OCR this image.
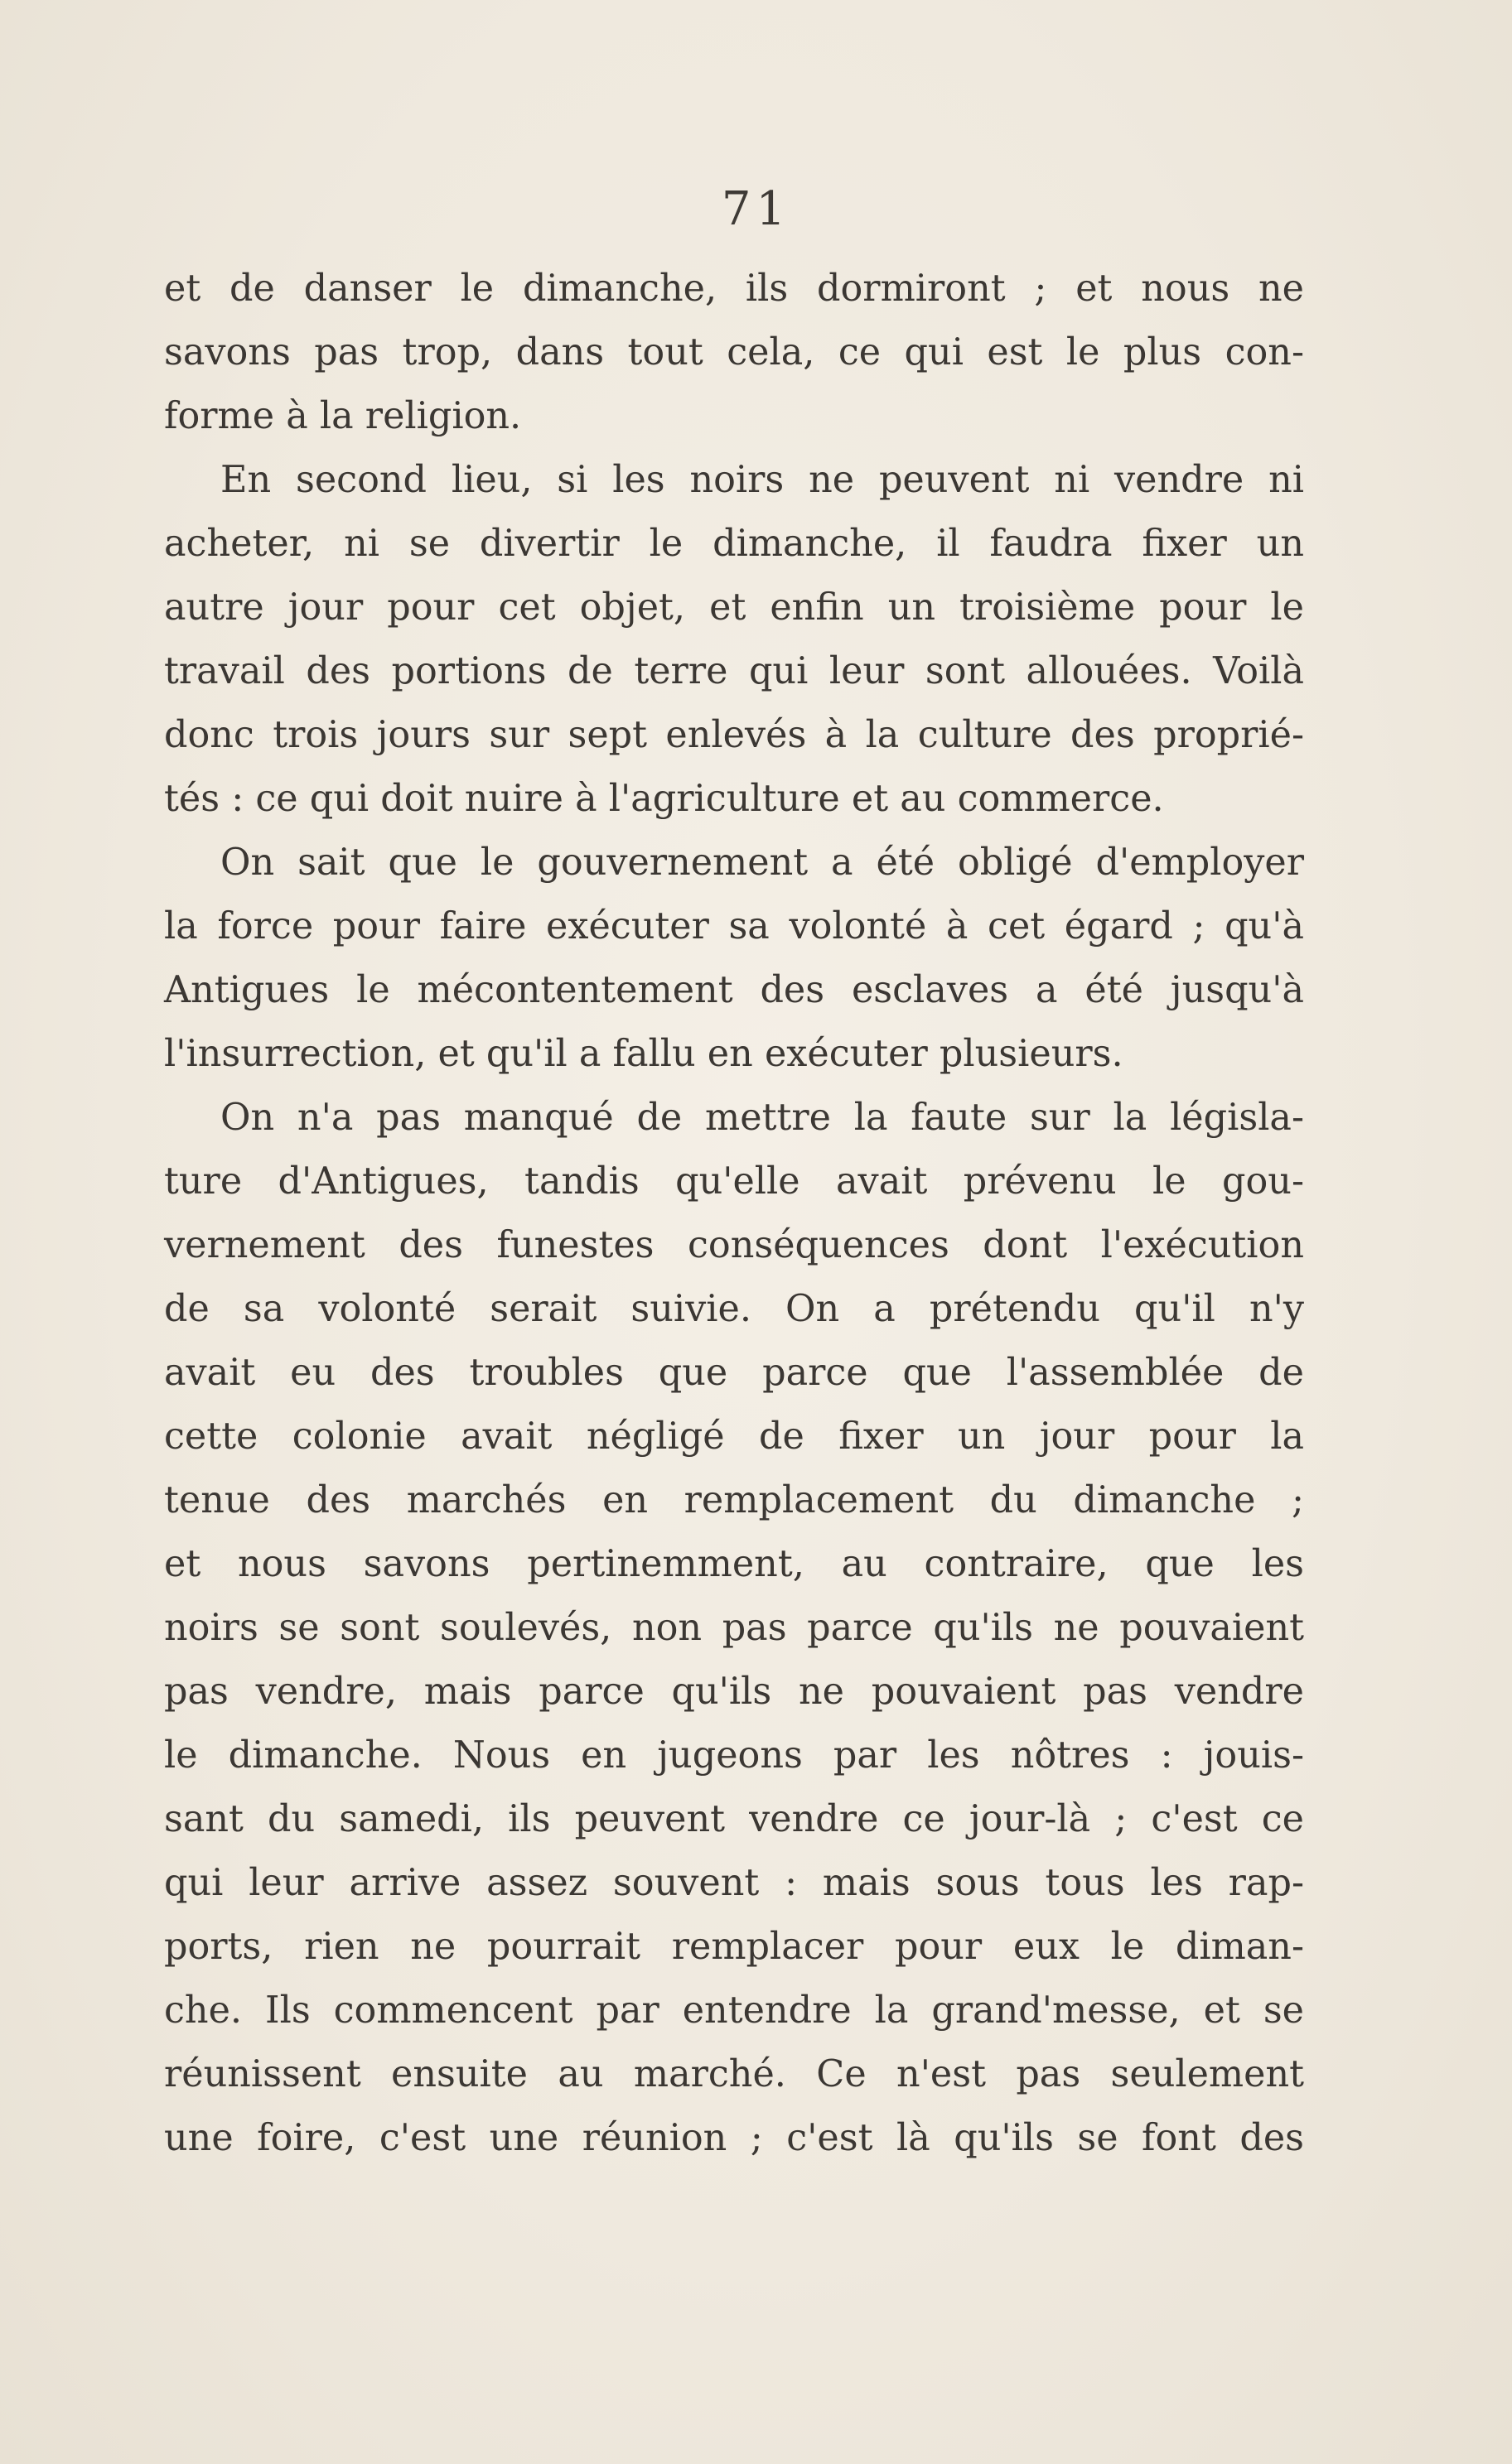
71
et de danser le dimanche, ils dormiront ; et nous ne
savons pas trop, dans tout cela, ce qui est le plus con-
forme à la religion.
En second lieu, si les noirs ne peuvent ni vendre ni
acheter, ni se divertir le dimanche, il faudra fixer un
autre jour pour cet objet, et enfin un troisième pour le
travail des portions de terre qui leur sont allouées. Voilà
donc trois jours sur sept enlevés à la culture des proprié-
tés : ce qui doit nuire à l'agriculture et au commerce.
On sait que le gouvernement a été obligé d'employer
la force pour faire exécuter sa volonté à cet égard ; qu'à
Antigues le mécontentement des esclaves a été jusqu'à
l'insurrection, et qu'il a fallu en exécuter plusieurs.
On n'a pas manqué de mettre la faute sur la législa-
ture d'Antigues, tandis qu'elle avait prévenu le gou-
vernement des funestes conséquences dont l'exécution
de sa volonté serait suivie. On a prétendu qu'il n'y
avait eu des troubles que parce que l'assemblée de
cette colonie avait négligé de fixer un jour pour la
tenue des marchés en remplacement du dimanche ;
et nous savons pertinemment, au contraire, que les
noirs se sont soulevés, non pas parce qu'ils ne pouvaient
pas vendre, mais parce qu'ils ne pouvaient pas vendre
le dimanche. Nous en jugeons par les nôtres : jouis-
sant du samedi, ils peuvent vendre ce jour-là ; c'est ce
qui leur arrive assez souvent : mais sous tous les rap-
ports, rien ne pourrait remplacer pour eux le diman-
che. Ils commencent par entendre la grand'messe, et se
réunissent ensuite au marché. Ce n'est pas seulement
une foire, c'est une réunion ; c'est là qu'ils se font des
